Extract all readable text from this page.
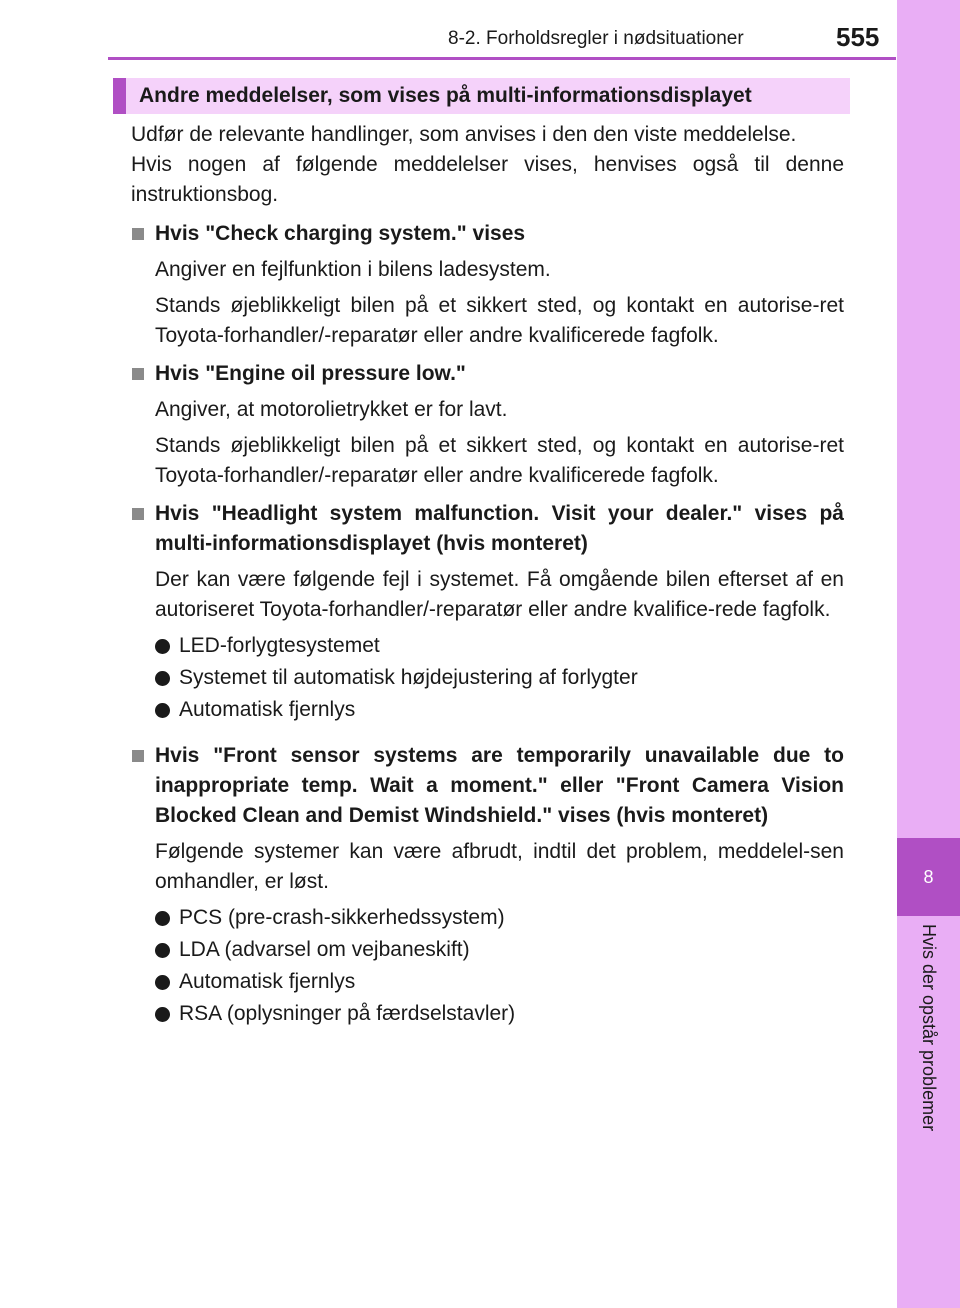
8-2. Forholdsregler i nødsituationer	555
8
Hvis der opstår problemer
Andre meddelelser, som vises på multi-informationsdisplayet

Udfør de relevante handlinger, som anvises i den den viste meddelelse.

Hvis nogen af følgende meddelelser vises, henvises også til denne instruktionsbog.

Hvis "Check charging system." vises

Angiver en fejlfunktion i bilens ladesystem.

Stands øjeblikkeligt bilen på et sikkert sted, og kontakt en autorise-ret Toyota-forhandler/-reparatør eller andre kvalificerede fagfolk.

Hvis "Engine oil pressure low."

Angiver, at motorolietrykket er for lavt.

Stands øjeblikkeligt bilen på et sikkert sted, og kontakt en autorise-ret Toyota-forhandler/-reparatør eller andre kvalificerede fagfolk.

Hvis "Headlight system malfunction. Visit your dealer." vises på multi-informationsdisplayet (hvis monteret)

Der kan være følgende fejl i systemet. Få omgående bilen efterset af en autoriseret Toyota-forhandler/-reparatør eller andre kvalifice-rede fagfolk.

LED-forlygtesystemet

Systemet til automatisk højdejustering af forlygter

Automatisk fjernlys

Hvis "Front sensor systems are temporarily unavailable due to inappropriate temp. Wait a moment." eller "Front Camera Vision Blocked Clean and Demist Windshield." vises (hvis monteret)

Følgende systemer kan være afbrudt, indtil det problem, meddelel-sen omhandler, er løst.

PCS (pre-crash-sikkerhedssystem)

LDA (advarsel om vejbaneskift)

Automatisk fjernlys

RSA (oplysninger på færdselstavler)
